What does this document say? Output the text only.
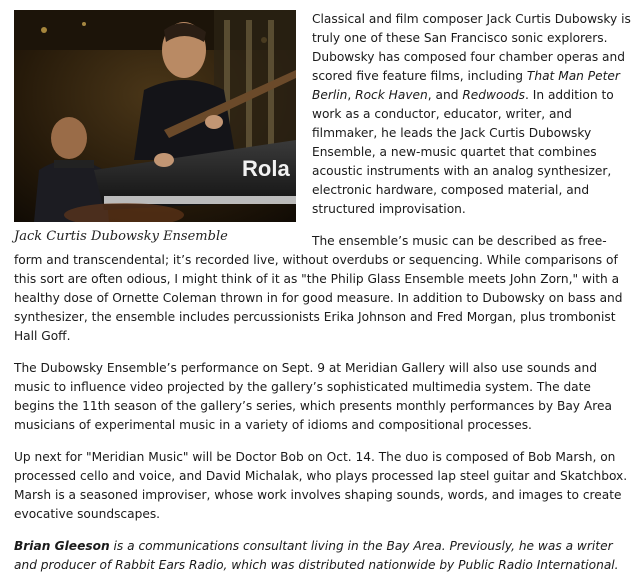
Rola
Jack Curtis Dubowsky Ensemble

Classical and film composer Jack Curtis Dubowsky is truly one of these San Francisco sonic explorers. Dubowsky has composed four chamber operas and scored five feature films, including That Man Peter Berlin, Rock Haven, and Redwoods. In addition to work as a conductor, educator, writer, and filmmaker, he leads the Jack Curtis Dubowsky Ensemble, a new-music quartet that combines acoustic instruments with an analog synthesizer, electronic hardware, composed material, and structured improvisation.

The ensemble’s music can be described as free-form and transcendental; it’s recorded live, without overdubs or sequencing. While comparisons of this sort are often odious, I might think of it as "the Philip Glass Ensemble meets John Zorn," with a healthy dose of Ornette Coleman thrown in for good measure. In addition to Dubowsky on bass and synthesizer, the ensemble includes percussionists Erika Johnson and Fred Morgan, plus trombonist Hall Goff.

The Dubowsky Ensemble’s performance on Sept. 9 at Meridian Gallery will also use sounds and music to influence video projected by the gallery’s sophisticated multimedia system. The date begins the 11th season of the gallery’s series, which presents monthly performances by Bay Area musicians of experimental music in a variety of idioms and compositional processes.

Up next for "Meridian Music" will be Doctor Bob on Oct. 14. The duo is composed of Bob Marsh, on processed cello and voice, and David Michalak, who plays processed lap steel guitar and Skatchbox. Marsh is a seasoned improviser, whose work involves shaping sounds, words, and images to create evocative soundscapes.

Brian Gleeson is a communications consultant living in the Bay Area. Previously, he was a writer and producer of Rabbit Ears Radio, which was distributed nationwide by Public Radio International.
